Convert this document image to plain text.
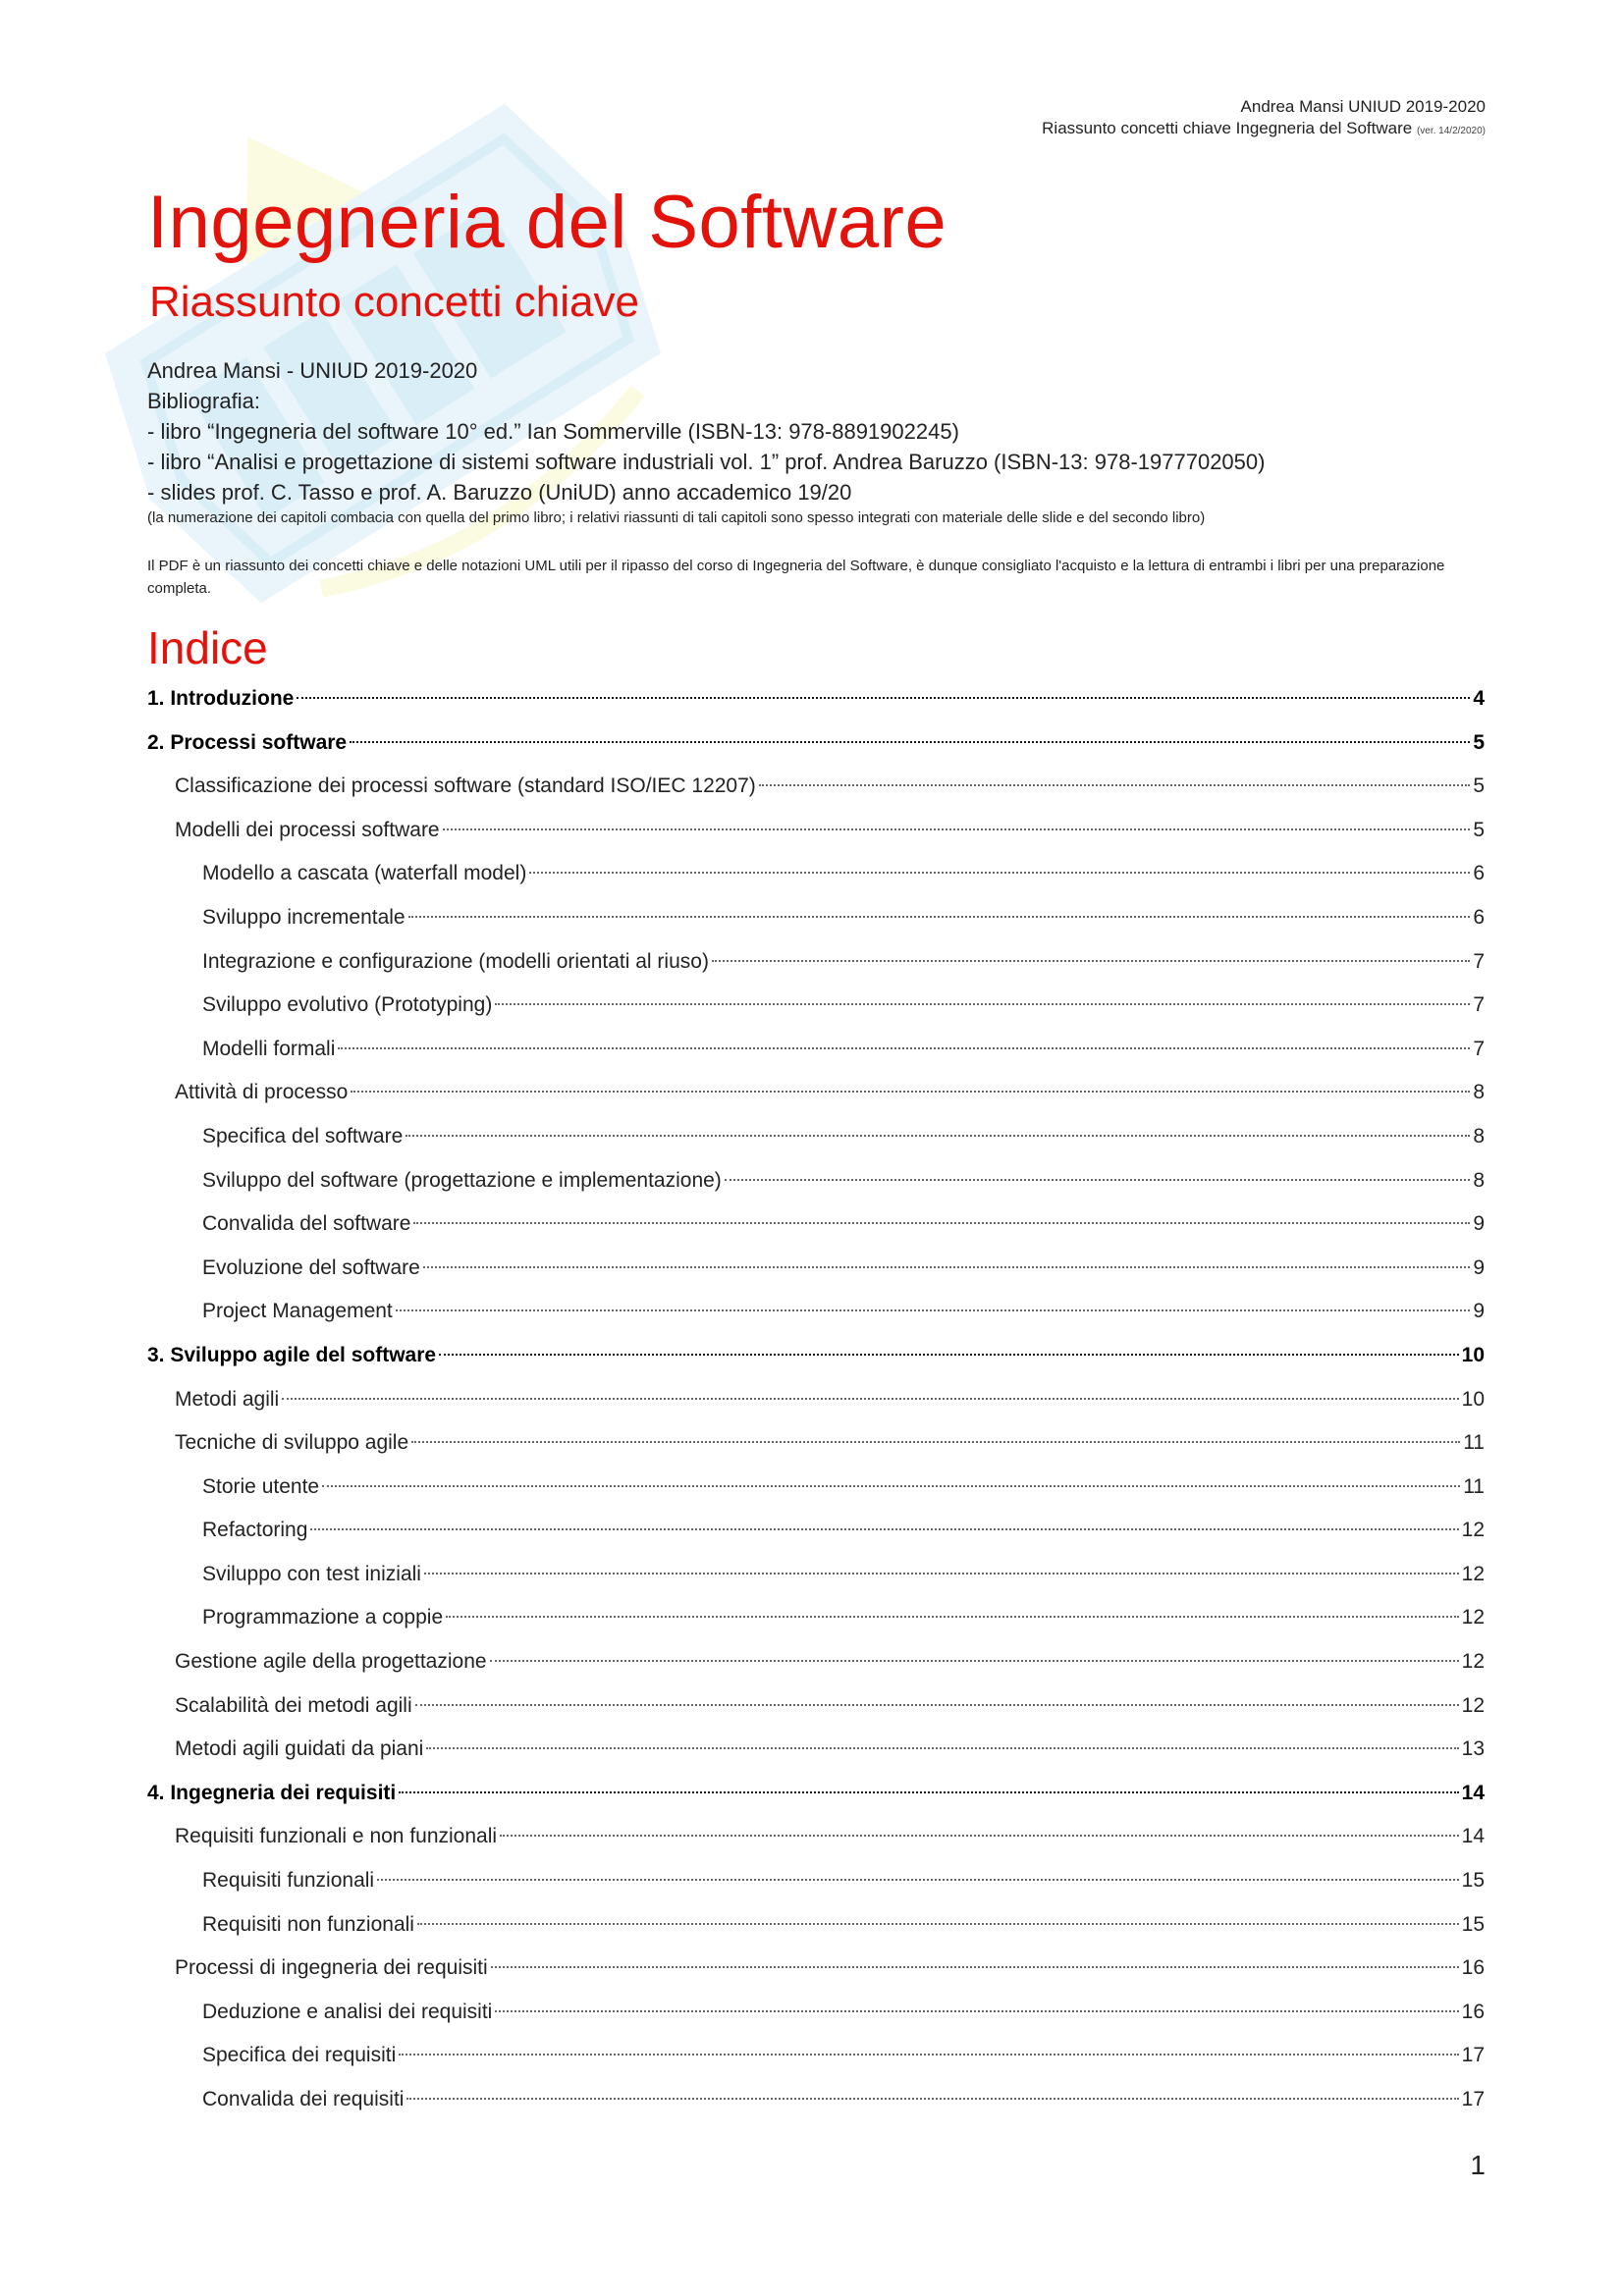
Andrea Mansi UNIUD 2019-2020
Riassunto concetti chiave Ingegneria del Software (ver. 14/2/2020)
Ingegneria del Software
Riassunto concetti chiave
Andrea Mansi - UNIUD 2019-2020
Bibliografia:
- libro “Ingegneria del software 10° ed.” Ian Sommerville (ISBN-13: 978-8891902245)
- libro “Analisi e progettazione di sistemi software industriali vol. 1” prof. Andrea Baruzzo (ISBN-13: 978-1977702050)
- slides prof. C. Tasso e prof. A. Baruzzo (UniUD) anno accademico 19/20
(la numerazione dei capitoli combacia con quella del primo libro; i relativi riassunti di tali capitoli sono spesso integrati con materiale delle slide e del secondo libro)
Il PDF è un riassunto dei concetti chiave e delle notazioni UML utili per il ripasso del corso di Ingegneria del Software, è dunque consigliato l'acquisto e la lettura di entrambi i libri per una preparazione completa.
Indice
1. Introduzione	4
2. Processi software	5
Classificazione dei processi software (standard ISO/IEC 12207)	5
Modelli dei processi software	5
Modello a cascata (waterfall model)	6
Sviluppo incrementale	6
Integrazione e configurazione (modelli orientati al riuso)	7
Sviluppo evolutivo (Prototyping)	7
Modelli formali	7
Attività di processo	8
Specifica del software	8
Sviluppo del software (progettazione e implementazione)	8
Convalida del software	9
Evoluzione del software	9
Project Management	9
3. Sviluppo agile del software	10
Metodi agili	10
Tecniche di sviluppo agile	11
Storie utente	11
Refactoring	12
Sviluppo con test iniziali	12
Programmazione a coppie	12
Gestione agile della progettazione	12
Scalabilità dei metodi agili	12
Metodi agili guidati da piani	13
4. Ingegneria dei requisiti	14
Requisiti funzionali e non funzionali	14
Requisiti funzionali	15
Requisiti non funzionali	15
Processi di ingegneria dei requisiti	16
Deduzione e analisi dei requisiti	16
Specifica dei requisiti	17
Convalida dei requisiti	17
1
